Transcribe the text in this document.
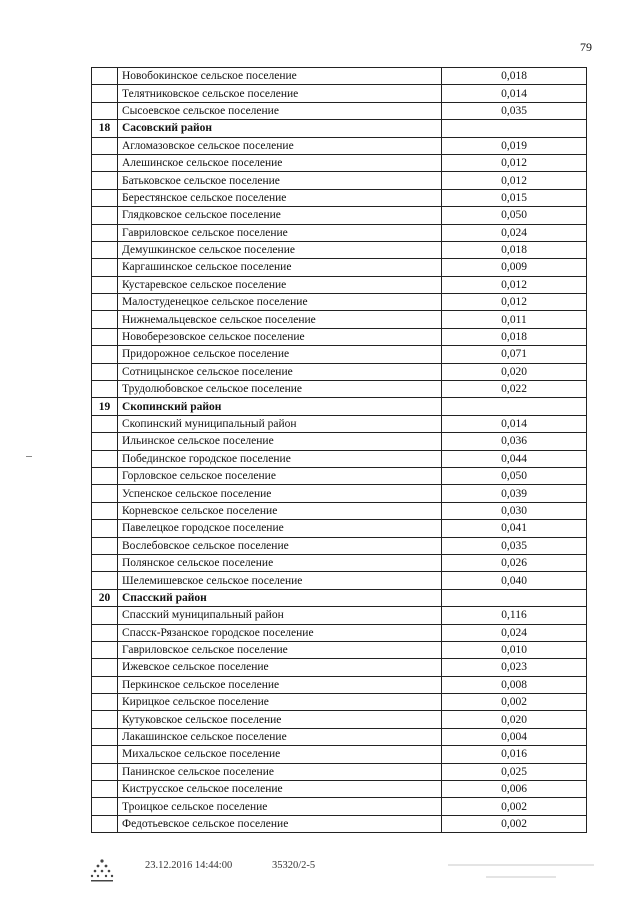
79
	Новобокинское сельское поселение	0,018
	Телятниковское сельское поселение	0,014
	Сысоевское сельское поселение	0,035
18	Сасовский район	
	Агломазовское сельское поселение	0,019
	Алешинское сельское поселение	0,012
	Батьковское сельское поселение	0,012
	Берестянское сельское поселение	0,015
	Глядковское сельское поселение	0,050
	Гавриловское сельское поселение	0,024
	Демушкинское сельское поселение	0,018
	Каргашинское сельское поселение	0,009
	Кустаревское сельское поселение	0,012
	Малостуденецкое сельское поселение	0,012
	Нижнемальцевское сельское поселение	0,011
	Новоберезовское сельское поселение	0,018
	Придорожное сельское поселение	0,071
	Сотницынское сельское поселение	0,020
	Трудолюбовское сельское поселение	0,022
19	Скопинский район	
	Скопинский муниципальный район	0,014
	Ильинское сельское поселение	0,036
	Побединское городское поселение	0,044
	Горловское сельское поселение	0,050
	Успенское сельское поселение	0,039
	Корневское сельское поселение	0,030
	Павелецкое городское поселение	0,041
	Вослебовское сельское поселение	0,035
	Полянское сельское поселение	0,026
	Шелемишевское сельское поселение	0,040
20	Спасский район	
	Спасский муниципальный район	0,116
	Спасск-Рязанское городское поселение	0,024
	Гавриловское сельское поселение	0,010
	Ижевское сельское поселение	0,023
	Перкинское сельское поселение	0,008
	Кирицкое сельское поселение	0,002
	Кутуковское сельское поселение	0,020
	Лакашинское сельское поселение	0,004
	Михальское сельское поселение	0,016
	Панинское сельское поселение	0,025
	Киструсское сельское поселение	0,006
	Троицкое сельское поселение	0,002
	Федотьевское сельское поселение	0,002
23.12.2016 14:44:00	35320/2-5
